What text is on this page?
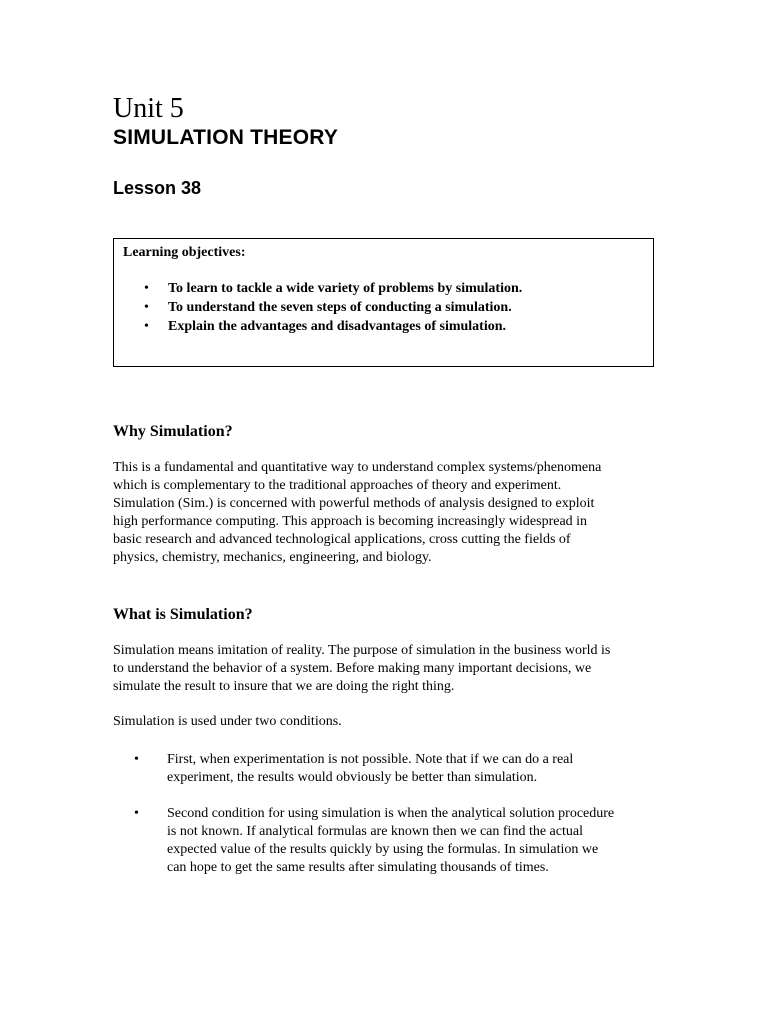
Unit 5
SIMULATION THEORY
Lesson 38

Learning objectives:

• To learn to tackle a wide variety of problems by simulation.
• To understand the seven steps of conducting a simulation.
• Explain the advantages and disadvantages of simulation.
Why Simulation?
This is a fundamental and quantitative way to understand complex systems/phenomena
which is complementary to the traditional approaches of theory and experiment.
Simulation (Sim.) is concerned with powerful methods of analysis designed to exploit
high performance computing. This approach is becoming increasingly widespread in
basic research and advanced technological applications, cross cutting the fields of
physics, chemistry, mechanics, engineering, and biology.
What is Simulation?
Simulation means imitation of reality. The purpose of simulation in the business world is
to understand the behavior of a system. Before making many important decisions, we
simulate the result to insure that we are doing the right thing.

Simulation is used under two conditions.

• First, when experimentation is not possible. Note that if we can do a real
experiment, the results would obviously be better than simulation.
• Second condition for using simulation is when the analytical solution procedure
is not known. If analytical formulas are known then we can find the actual
expected value of the results quickly by using the formulas. In simulation we
can hope to get the same results after simulating thousands of times.
